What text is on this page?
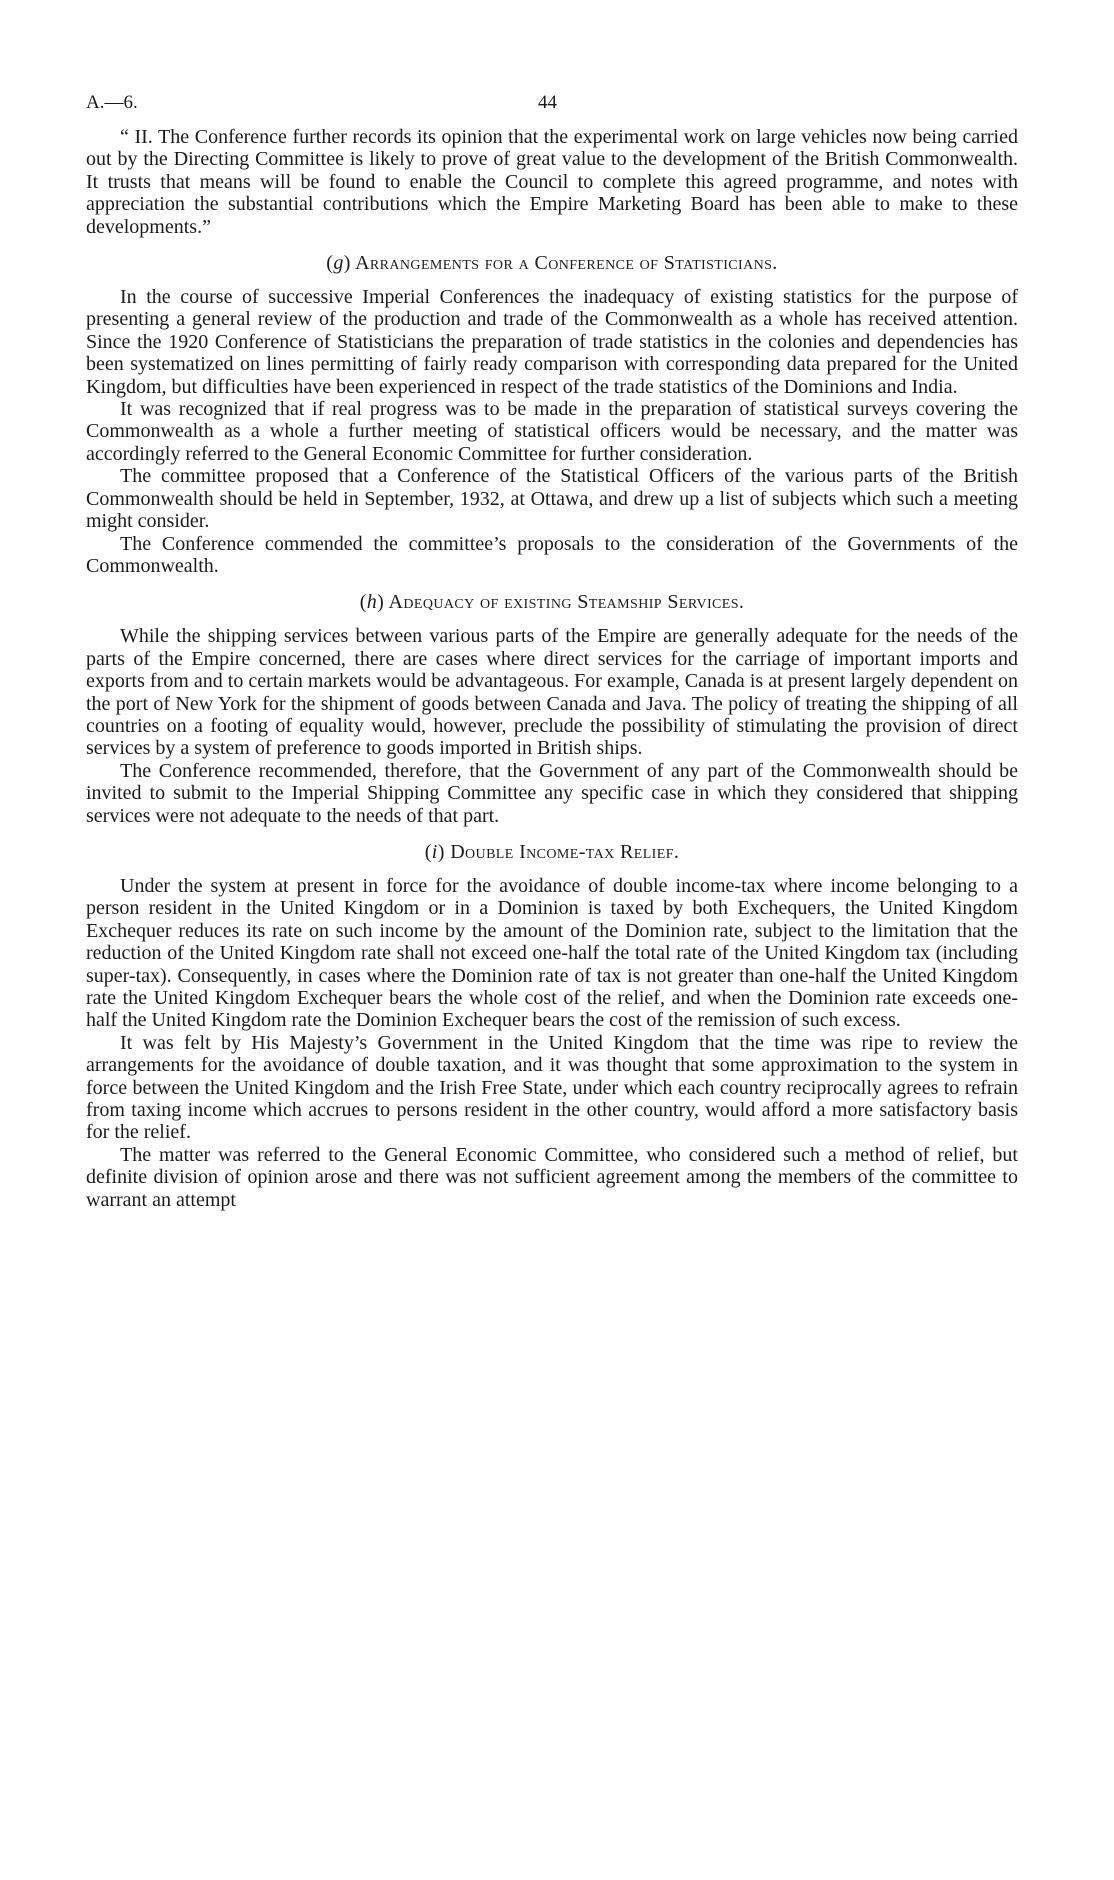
A.—6.	44

“ II. The Conference further records its opinion that the experimental work on large vehicles now being carried out by the Directing Committee is likely to prove of great value to the development of the British Commonwealth. It trusts that means will be found to enable the Council to complete this agreed programme, and notes with appreciation the substantial contributions which the Empire Marketing Board has been able to make to these developments.”

(g) Arrangements for a Conference of Statisticians.

In the course of successive Imperial Conferences the inadequacy of existing statistics for the purpose of presenting a general review of the production and trade of the Commonwealth as a whole has received attention. Since the 1920 Conference of Statisticians the preparation of trade statistics in the colonies and dependencies has been systematized on lines permitting of fairly ready comparison with corresponding data prepared for the United Kingdom, but difficulties have been experienced in respect of the trade statistics of the Dominions and India.

It was recognized that if real progress was to be made in the preparation of statistical surveys covering the Commonwealth as a whole a further meeting of statistical officers would be necessary, and the matter was accordingly referred to the General Economic Committee for further consideration.

The committee proposed that a Conference of the Statistical Officers of the various parts of the British Commonwealth should be held in September, 1932, at Ottawa, and drew up a list of subjects which such a meeting might consider.

The Conference commended the committee’s proposals to the consideration of the Governments of the Commonwealth.

(h) Adequacy of existing Steamship Services.

While the shipping services between various parts of the Empire are generally adequate for the needs of the parts of the Empire concerned, there are cases where direct services for the carriage of important imports and exports from and to certain markets would be advantageous. For example, Canada is at present largely dependent on the port of New York for the shipment of goods between Canada and Java. The policy of treating the shipping of all countries on a footing of equality would, however, preclude the possibility of stimulating the provision of direct services by a system of preference to goods imported in British ships.

The Conference recommended, therefore, that the Government of any part of the Commonwealth should be invited to submit to the Imperial Shipping Committee any specific case in which they considered that shipping services were not adequate to the needs of that part.

(i) Double Income-tax Relief.

Under the system at present in force for the avoidance of double income-tax where income belonging to a person resident in the United Kingdom or in a Dominion is taxed by both Exchequers, the United Kingdom Exchequer reduces its rate on such income by the amount of the Dominion rate, subject to the limitation that the reduction of the United Kingdom rate shall not exceed one-half the total rate of the United Kingdom tax (including super-tax). Consequently, in cases where the Dominion rate of tax is not greater than one-half the United Kingdom rate the United Kingdom Exchequer bears the whole cost of the relief, and when the Dominion rate exceeds one-half the United Kingdom rate the Dominion Exchequer bears the cost of the remission of such excess.

It was felt by His Majesty’s Government in the United Kingdom that the time was ripe to review the arrangements for the avoidance of double taxation, and it was thought that some approximation to the system in force between the United Kingdom and the Irish Free State, under which each country reciprocally agrees to refrain from taxing income which accrues to persons resident in the other country, would afford a more satisfactory basis for the relief.

The matter was referred to the General Economic Committee, who considered such a method of relief, but definite division of opinion arose and there was not sufficient agreement among the members of the committee to warrant an attempt
